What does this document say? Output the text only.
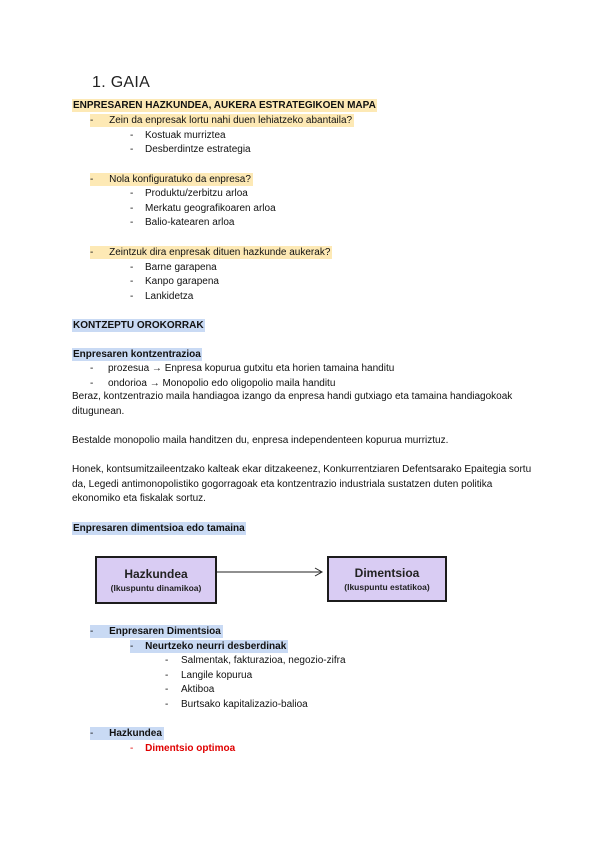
1. GAIA
ENPRESAREN HAZKUNDEA, AUKERA ESTRATEGIKOEN MAPA
- Zein da enpresak lortu nahi duen lehiatzeko abantaila?
- Kostuak murriztea
- Desberdintze estrategia
- Nola konfiguratuko da enpresa?
- Produktu/zerbitzu arloa
- Merkatu geografikoaren arloa
- Balio-katearen arloa
- Zeintzuk dira enpresak dituen hazkunde aukerak?
- Barne garapena
- Kanpo garapena
- Lankidetza
KONTZEPTU OROKORRAK
Enpresaren kontzentrazioa
- prozesua → Enpresa kopurua gutxitu eta horien tamaina handitu
- ondorioa → Monopolio edo oligopolio maila handitu
Beraz, kontzentrazio maila handiagoa izango da enpresa handi gutxiago eta tamaina handiagokoak ditugunean.
Bestalde monopolio maila handitzen du, enpresa independenteen kopurua murriztuz.
Honek, kontsumitzaileentzako kalteak ekar ditzakeenez, Konkurrentziaren Defentsarako Epaitegia sortu da, Legedi antimonopolistiko gogorragoak eta kontzentrazio industriala sustatzen duten politika ekonomiko eta fiskalak sortuz.
Enpresaren dimentsioa edo tamaina
Hazkundea
(Ikuspuntu dinamikoa)
Dimentsioa
(Ikuspuntu estatikoa)
- Enpresaren Dimentsioa
- Neurtzeko neurri desberdinak
- Salmentak, fakturazioa, negozio-zifra
- Langile kopurua
- Aktiboa
- Burtsako kapitalizazio-balioa
- Hazkundea
- Dimentsio optimoa
